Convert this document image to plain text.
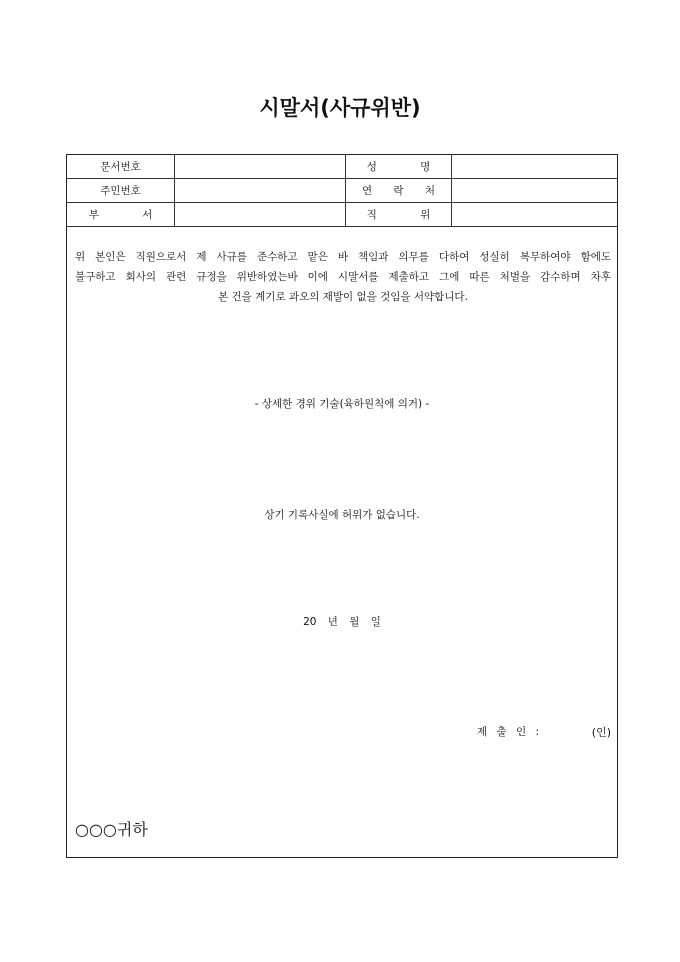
시말서(사규위반)
문서번호		성 명	
주민번호		연 락 처	
부 서		직 위	
위 본인은 직원으로서 제 사규를 준수하고 맡은 바 책임과 의무를 다하여 성실히 복무하여야 함에도
불구하고 회사의 관련 규정을 위반하였는바 이에 시말서를 제출하고 그에 따른 처벌을 감수하며 차후
본 건을 계기로 과오의 재발이 없을 것임을 서약합니다.
- 상세한 경위 기술(육하원칙에 의거) -
상기 기록사실에 허위가 없습니다.
20 년 월 일
제 출 인 :	(인)
○○○귀하
